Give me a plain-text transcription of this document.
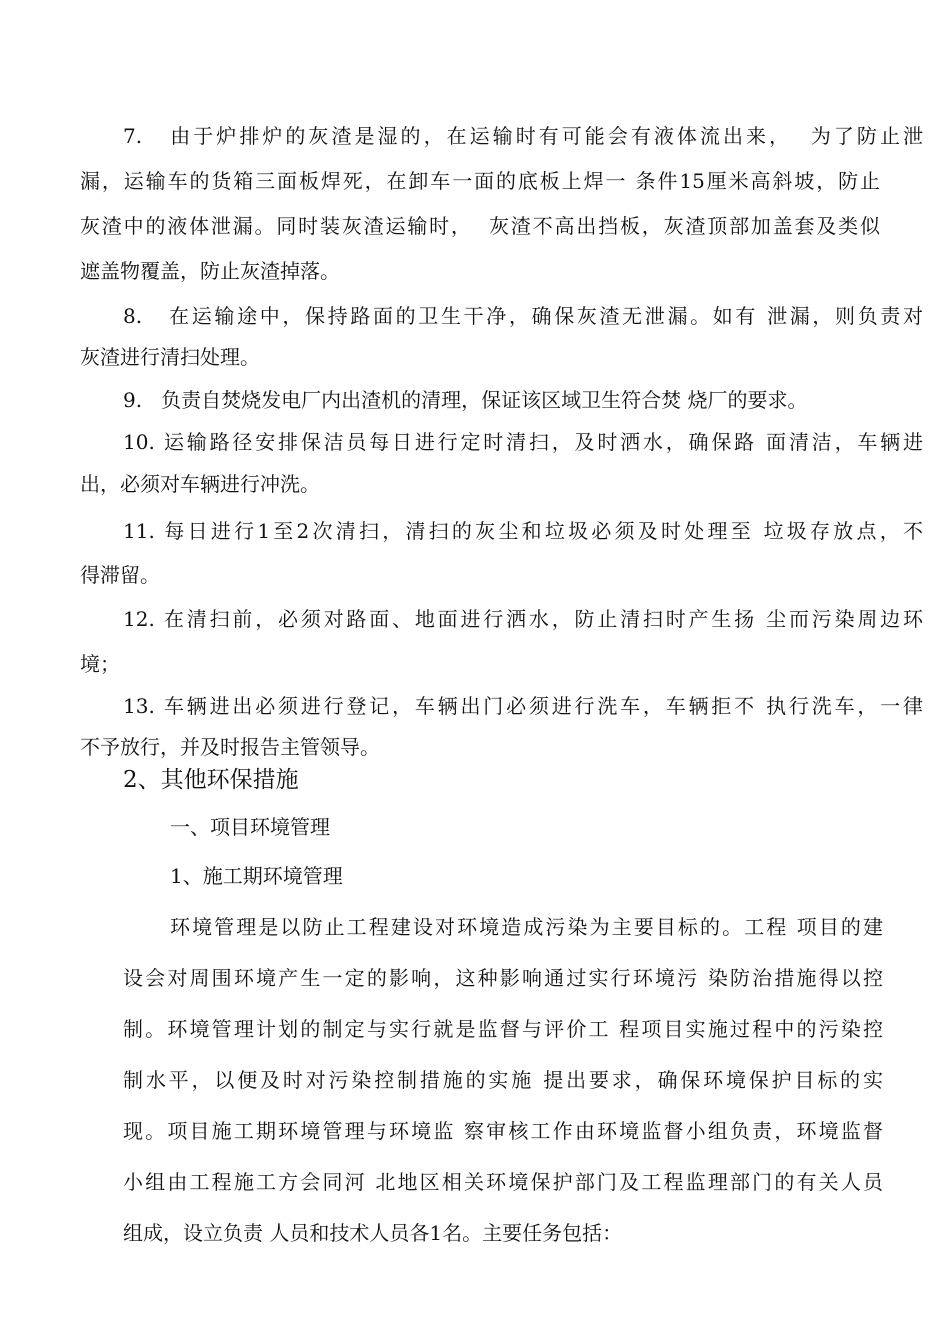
7.   由于炉排炉的灰渣是湿的，在运输时有可能会有液体流出来，  为了防止泄
漏，运输车的货箱三面板焊死，在卸车一面的底板上焊一 条件15厘米高斜坡，防止
灰渣中的液体泄漏。同时装灰渣运输时，  灰渣不高出挡板，灰渣顶部加盖套及类似
遮盖物覆盖，防止灰渣掉落。
8.   在运输途中，保持路面的卫生干净，确保灰渣无泄漏。如有 泄漏，则负责对
灰渣进行清扫处理。
9.   负责自焚烧发电厂内出渣机的清理，保证该区域卫生符合焚 烧厂的要求。
10. 运输路径安排保洁员每日进行定时清扫，及时洒水，确保路 面清洁，车辆进
出，必须对车辆进行冲洗。
11. 每日进行1至2次清扫，清扫的灰尘和垃圾必须及时处理至 垃圾存放点，不
得滞留。
12. 在清扫前，必须对路面、地面进行洒水，防止清扫时产生扬 尘而污染周边环
境；
13. 车辆进出必须进行登记，车辆出门必须进行洗车，车辆拒不 执行洗车，一律
不予放行，并及时报告主管领导。
2、其他环保措施
一、项目环境管理
1、施工期环境管理
环境管理是以防止工程建设对环境造成污染为主要目标的。工程 项目的建
设会对周围环境产生一定的影响，这种影响通过实行环境污 染防治措施得以控
制。环境管理计划的制定与实行就是监督与评价工 程项目实施过程中的污染控
制水平，以便及时对污染控制措施的实施 提出要求，确保环境保护目标的实
现。项目施工期环境管理与环境监 察审核工作由环境监督小组负责，环境监督
小组由工程施工方会同河 北地区相关环境保护部门及工程监理部门的有关人员
组成，设立负责 人员和技术人员各1名。主要任务包括：
